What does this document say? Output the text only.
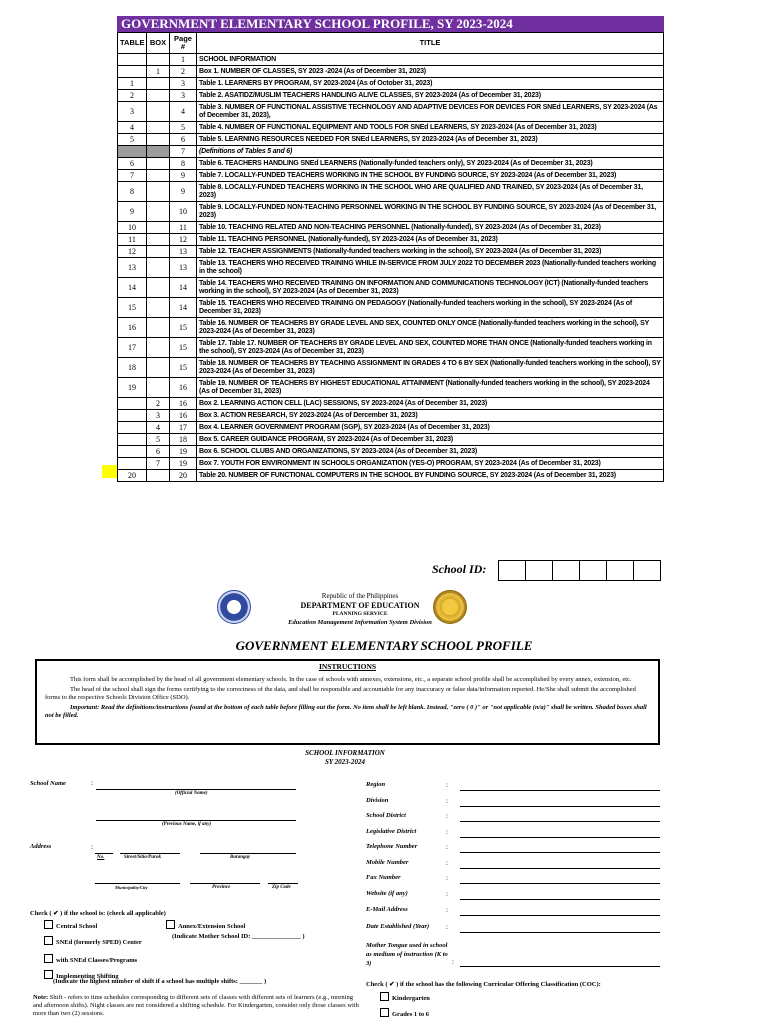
GOVERNMENT ELEMENTARY SCHOOL PROFILE, SY 2023-2024
TABLE	BOX	Page #	TITLE
		1	SCHOOL INFORMATION
	1	2	Box 1. NUMBER OF CLASSES, SY 2023 -2024 (As of December 31, 2023)
1		3	Table 1. LEARNERS BY PROGRAM, SY 2023-2024 (As of October 31, 2023)
2		3	Table 2. ASATIDZ/MUSLIM TEACHERS HANDLING ALIVE CLASSES, SY 2023-2024 (As of December 31, 2023)
3		4	Table 3. NUMBER OF FUNCTIONAL ASSISTIVE TECHNOLOGY AND ADAPTIVE DEVICES FOR DEVICES FOR SNEd LEARNERS, SY 2023-2024 (As of December 31, 2023),
4		5	Table 4. NUMBER OF FUNCTIONAL EQUIPMENT AND TOOLS FOR SNEd LEARNERS, SY 2023-2024 (As of December 31, 2023)
5		6	Table 5. LEARNING RESOURCES NEEDED FOR SNEd LEARNERS, SY 2023-2024 (As of December 31, 2023)
		7	(Definitions of Tables 5 and 6)
6		8	Table 6. TEACHERS HANDLING SNEd LEARNERS (Nationally-funded teachers only), SY 2023-2024 (As of December 31, 2023)
7		9	Table 7. LOCALLY-FUNDED TEACHERS WORKING IN THE SCHOOL BY FUNDING SOURCE, SY 2023-2024 (As of December 31, 2023)
8		9	Table 8. LOCALLY-FUNDED TEACHERS WORKING IN THE SCHOOL WHO ARE QUALIFIED AND TRAINED, SY 2023-2024 (As of December 31, 2023)
9		10	Table 9. LOCALLY-FUNDED NON-TEACHING PERSONNEL WORKING IN THE SCHOOL BY FUNDING SOURCE, SY 2023-2024 (As of December 31, 2023)
10		11	Table 10. TEACHING RELATED AND NON-TEACHING PERSONNEL (Nationally-funded), SY 2023-2024 (As of December 31, 2023)
11		12	Table 11. TEACHING PERSONNEL (Nationally-funded), SY 2023-2024 (As of December 31, 2023)
12		13	Table 12. TEACHER ASSIGNMENTS (Nationally-funded teachers working in the school), SY 2023-2024 (As of December 31, 2023)
13		13	Table 13. TEACHERS WHO RECEIVED TRAINING WHILE IN-SERVICE FROM JULY 2022 TO DECEMBER 2023 (Nationally-funded teachers working in the school)
14		14	Table 14. TEACHERS WHO RECEIVED TRAINING ON INFORMATION AND COMMUNICATIONS TECHNOLOGY (ICT) (Nationally-funded teachers working in the school), SY 2023-2024 (As of December 31, 2023)
15		14	Table 15. TEACHERS WHO RECEIVED TRAINING ON PEDAGOGY (Nationally-funded teachers working in the school), SY 2023-2024 (As of December 31, 2023)
16		15	Table 16. NUMBER OF TEACHERS BY GRADE LEVEL AND SEX, COUNTED ONLY ONCE (Nationally-funded teachers working in the school), SY 2023-2024 (As of December 31, 2023)
17		15	Table 17. Table 17. NUMBER OF TEACHERS BY GRADE LEVEL AND SEX, COUNTED MORE THAN ONCE (Nationally-funded teachers working in the school), SY 2023-2024 (As of December 31, 2023)
18		15	Table 18. NUMBER OF TEACHERS BY TEACHING ASSIGNMENT IN GRADES 4 TO 6 BY SEX (Nationally-funded teachers working in the school), SY 2023-2024 (As of December 31, 2023)
19		16	Table 19. NUMBER OF TEACHERS BY HIGHEST EDUCATIONAL ATTAINMENT (Nationally-funded teachers working in the school), SY 2023-2024 (As of December 31, 2023)
	2	16	Box 2. LEARNING ACTION CELL (LAC) SESSIONS, SY 2023-2024 (As of December 31, 2023)
	3	16	Box 3. ACTION RESEARCH, SY 2023-2024 (As of Dercember 31, 2023)
	4	17	Box 4. LEARNER GOVERNMENT PROGRAM (SGP), SY 2023-2024 (As of December 31, 2023)
	5	18	Box 5. CAREER GUIDANCE PROGRAM, SY 2023-2024 (As of December 31, 2023)
	6	19	Box 6. SCHOOL CLUBS AND ORGANIZATIONS, SY 2023-2024 (As of December 31, 2023)
	7	19	Box 7. YOUTH FOR ENVIRONMENT IN SCHOOLS ORGANIZATION (YES-O) PROGRAM, SY 2023-2024 (As of December 31, 2023)
20		20	Table 20. NUMBER OF FUNCTIONAL COMPUTERS IN THE SCHOOL BY FUNDING SOURCE, SY 2023-2024 (As of December 31, 2023)
School ID:
Republic of the Philippines
DEPARTMENT OF EDUCATION
PLANNING SERVICE
Education Management Information System Division
GOVERNMENT ELEMENTARY SCHOOL PROFILE
INSTRUCTIONS

This form shall be accomplished by the head of all government elementary schools. In the case of schools with annexes, extensions, etc., a separate school profile shall be accomplished by every annex, extension, etc.

The head of the school shall sign the forms certifying to the correctness of the data, and shall be responsible and accountable for any inaccuracy or false data/information reported. He/She shall submit the accomplished forms to the respective Schools Division Office (SDO).

Important: Read the definitions/instructions found at the bottom of each table before filling out the form. No item shall be left blank. Instead, "zero ( 0 )" or "not applicable (n/a)" shall be written. Shaded boxes shall not be filled.

SCHOOL INFORMATION
SY 2023-2024
School Name	:
(Official Name)
(Previous Name, if any)
Address	:
No.	Street/Sitio/Purok	Barangay
Municipality/City	Province	Zip Code
Check ( ✔ ) if the school is: (check all applicable)
Central School	Annex/Extension School
(Indicate Mother School ID: _______________ )
SNEd (formerly SPED) Center
with SNEd Classes/Programs
Implementing Shifting
(Indicate the highest number of shift if a school has multiple shifts: _______ )
Note: Shift - refers to time schedules corresponding to different sets of classes with different sets of learners (e.g., morning and afternoon shifts). Night classes are not considered a shifting schedule. For Kindergarten, consider only those classes with more than two (2) sessions.
Region	:
Division	:
School District	:
Legislative District	:
Telephone Number	:
Mobile Number	:
Fax Number	:
Website (if any)	:
E-Mail Address	:
Date Established (Year) :
Mother Tongue used in school as medium of instruction (K to 3)	:
Check ( ✔ ) if the school has the following Curricular Offering Classification (COC):
Kindergarten
Grades 1 to 6
